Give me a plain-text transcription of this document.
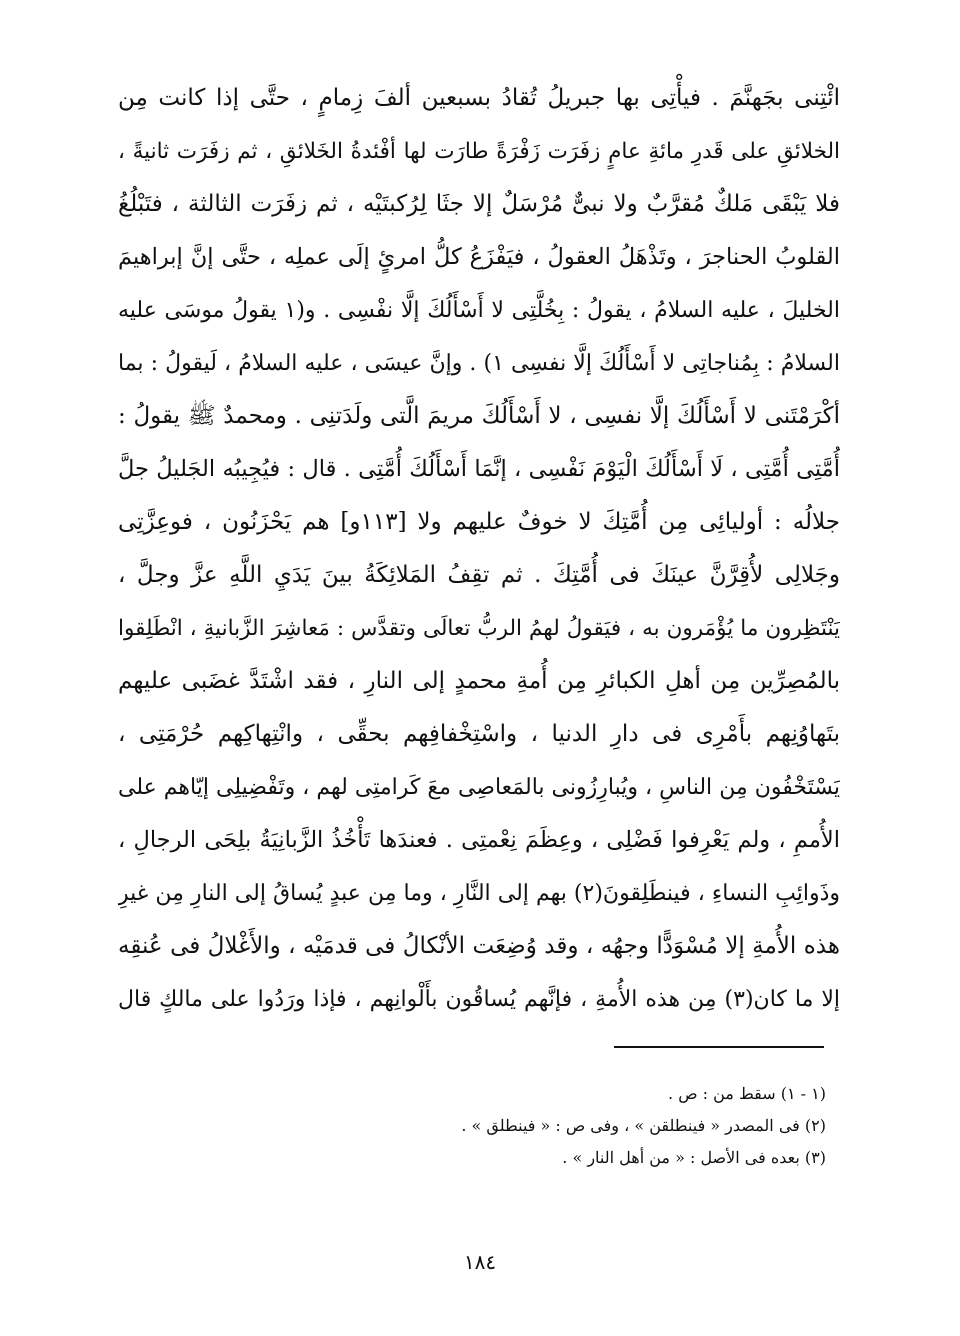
ائْتِنى بجَهنَّمَ . فيأْتِى بها جبريلُ تُقادُ بسبعين ألفَ زِمامٍ ، حتَّى إذا كانت مِن
الخلائقِ على قَدرِ مائةِ عامٍ زفَرَت زَفْرَةً طارَت لها أفْئدةُ الخَلائقِ ، ثم زفَرَت ثانيةً ،
فلا يَبْقَى مَلكٌ مُقرَّبٌ ولا نبىٌّ مُرْسَلٌ إلا جثَا لِرُكبتَيْه ، ثم زفَرَت الثالثة ، فتَبْلُغُ
القلوبُ الحناجرَ ، وتَذْهَلُ العقولُ ، فيَفْزَعُ كلُّ امرئٍ إلَى عملِه ، حتَّى إنَّ إبراهيمَ
الخليلَ ، عليه السلامُ ، يقولُ : بِخُلَّتِى لا أَسْأَلُكَ إلَّا نفْسِى . و(١ يقولُ موسَى عليه
السلامُ : بِمُناجاتِى لا أَسْأَلُكَ إلَّا نفسِى ١) . وإنَّ عيسَى ، عليه السلامُ ، لَيقولُ : بما
أكْرَمْتَنى لا أَسْأَلُكَ إلَّا نفسِى ، لا أَسْأَلُكَ مريمَ الَّتى ولَدَتنِى . ومحمدٌ ﷺ يقولُ :
أُمَّتِى أُمَّتِى ، لَا أَسْأَلُكَ الْيَوْمَ نَفْسِى ، إنَّمَا أَسْأَلُكَ أُمَّتِى . قال : فيُجِيبُه الجَليلُ جلَّ
جلالُه : أوليائِى مِن أُمَّتِكَ لا خوفٌ عليهم ولا [١١٣و] هم يَحْزَنُون ، فوعِزَّتِى
وجَلالِى لأُقِرَّنَّ عينَكَ فى أُمَّتِكَ . ثم تقِفُ المَلائِكَةُ بينَ يَدَيِ اللَّهِ عزَّ وجلَّ ،
يَنْتَظِرون ما يُؤْمَرون به ، فيَقولُ لهمُ الربُّ تعالَى وتقدَّس : مَعاشِرَ الزَّبانيةِ ، انْطَلِقوا
بالمُصِرِّين مِن أهلِ الكبائرِ مِن أُمةِ محمدٍ إلى النارِ ، فقد اشْتَدَّ غضَبى عليهم
بتَهاوُنِهم بأَمْرِى فى دارِ الدنيا ، واسْتِخْفافِهم بحقِّى ، وانْتِهاكِهم حُرْمَتِى ،
يَسْتَخْفُون مِن الناسِ ، ويُبارِزُونى بالمَعاصِى معَ كَرامتِى لهم ، وتَفْضِيلِى إيّاهم على
الأُممِ ، ولم يَعْرِفوا فَضْلِى ، وعِظَمَ نِعْمتِى . فعندَها تَأْخُذُ الزَّبانِيَةُ بلِحَى الرجالِ ،
وذَوائِبِ النساءِ ، فينطَلِقونَ(٢) بهم إلى النَّارِ ، وما مِن عبدٍ يُساقُ إلى النارِ مِن غيرِ
هذه الأُمةِ إلا مُسْوَدًّا وجهُه ، وقد وُضِعَت الأنْكالُ فى قدمَيْه ، والأَغْلالُ فى عُنقِه
إلا ما كان(٣) مِن هذه الأُمةِ ، فإنَّهم يُساقُون بأَلْوانِهم ، فإذا ورَدُوا على مالكٍ قال
(١ - ١) سقط من : ص .
(٢) فى المصدر « فينطلقن » ، وفى ص : « فينطلق » .
(٣) بعده فى الأصل : « من أهل النار » .
١٨٤
